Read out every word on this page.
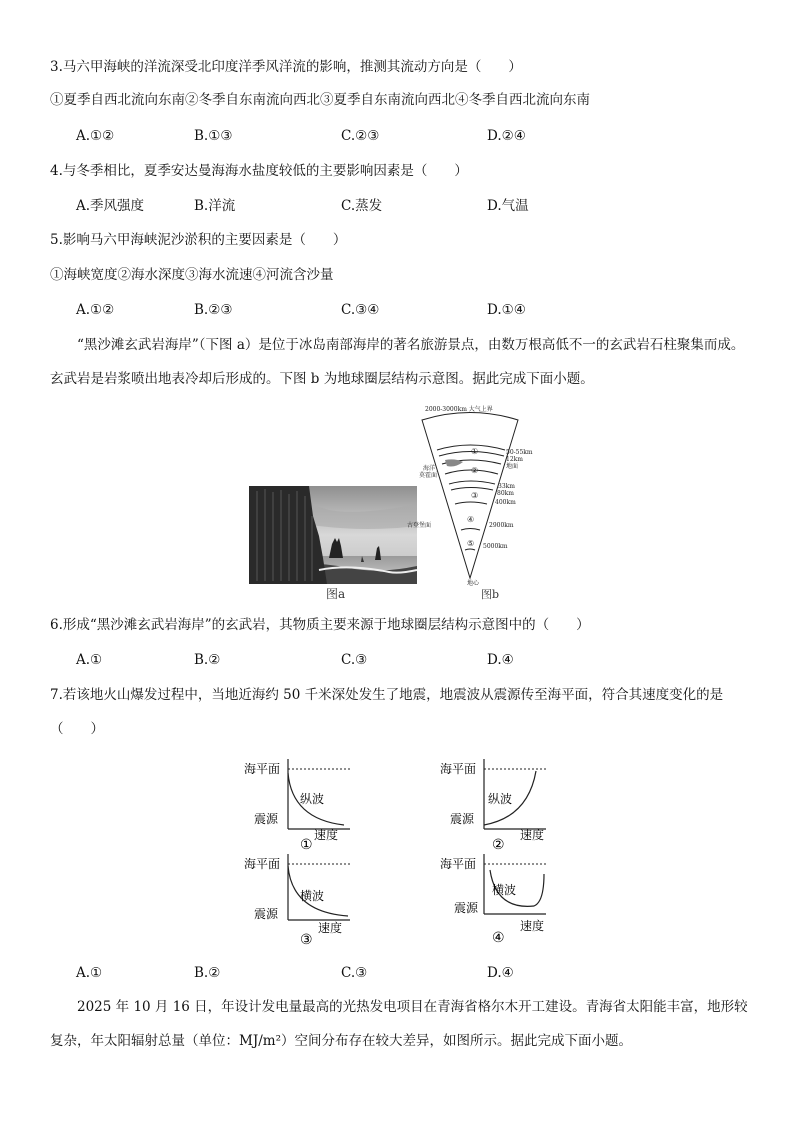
3.马六甲海峡的洋流深受北印度洋季风洋流的影响，推测其流动方向是（　　）
①夏季自西北流向东南②冬季自东南流向西北③夏季自东南流向西北④冬季自西北流向东南
A.①②	B.①③	C.②③	D.②④
4.与冬季相比，夏季安达曼海海水盐度较低的主要影响因素是（　　）
A.季风强度	B.洋流	C.蒸发	D.气温
5.影响马六甲海峡泥沙淤积的主要因素是（　　）
①海峡宽度②海水深度③海水流速④河流含沙量
A.①②	B.②③	C.③④	D.①④
“黑沙滩玄武岩海岸”（下图 a）是位于冰岛南部海岸的著名旅游景点，由数万根高低不一的玄武岩石柱聚集而成。玄武岩是岩浆喷出地表冷却后形成的。下图 b 为地球圈层结构示意图。据此完成下面小题。
图a
2000-3000km 大气上界
50-55km
12km
地面
33km
80km
400km
2900km
5000km
海洋
莫霍面
古登堡面
地心
①
②
③
④
⑤
图b
6.形成“黑沙滩玄武岩海岸”的玄武岩，其物质主要来源于地球圈层结构示意图中的（　　）
A.①	B.②	C.③	D.④
7.若该地火山爆发过程中，当地近海约 50 千米深处发生了地震，地震波从震源传至海平面，符合其速度变化的是
（　　）
海平面
震源
速度
纵波
①
海平面
震源
速度
纵波
②
海平面
震源
速度
横波
③
海平面
震源
速度
横波
④
A.①	B.②	C.③	D.④
2025 年 10 月 16 日，年设计发电量最高的光热发电项目在青海省格尔木开工建设。青海省太阳能丰富，地形较复杂，年太阳辐射总量（单位：MJ/m²）空间分布存在较大差异，如图所示。据此完成下面小题。
